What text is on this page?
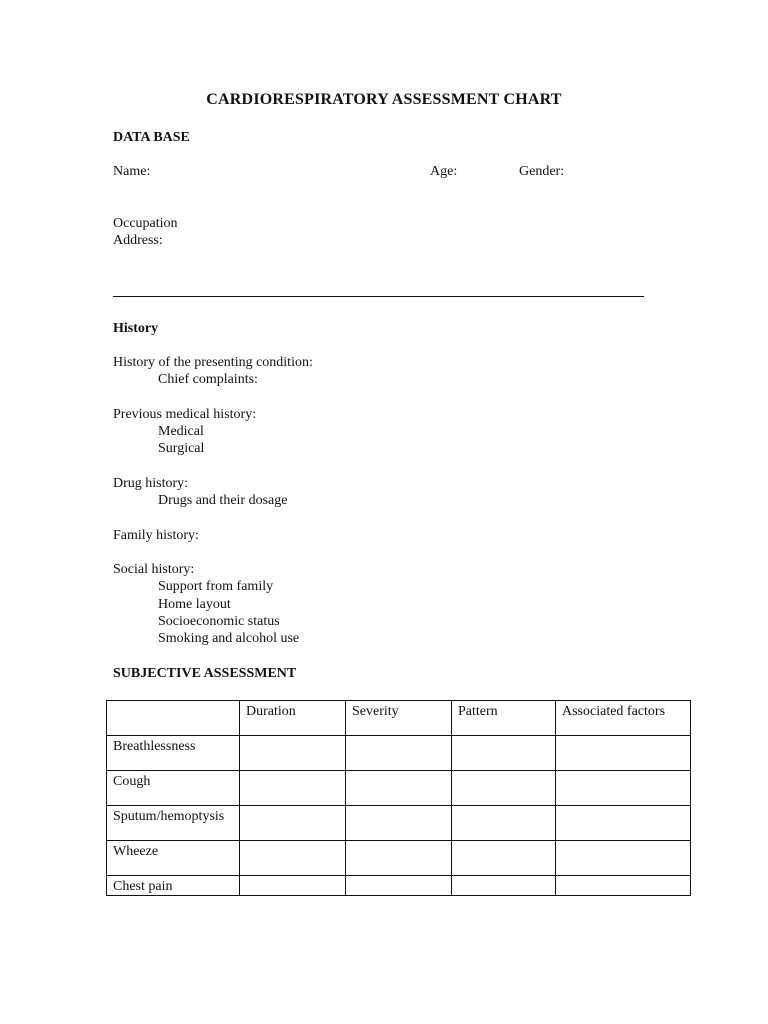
CARDIORESPIRATORY ASSESSMENT CHART
DATA BASE
Name:	Age:	Gender:
Occupation
Address:
History
History of the presenting condition:
Chief complaints:
Previous medical history:
Medical
Surgical
Drug history:
Drugs and their dosage
Family history:
Social history:
Support from family
Home layout
Socioeconomic status
Smoking and alcohol use
SUBJECTIVE ASSESSMENT
	Duration	Severity	Pattern	Associated factors
Breathlessness				
Cough				
Sputum/hemoptysis				
Wheeze				
Chest pain				
